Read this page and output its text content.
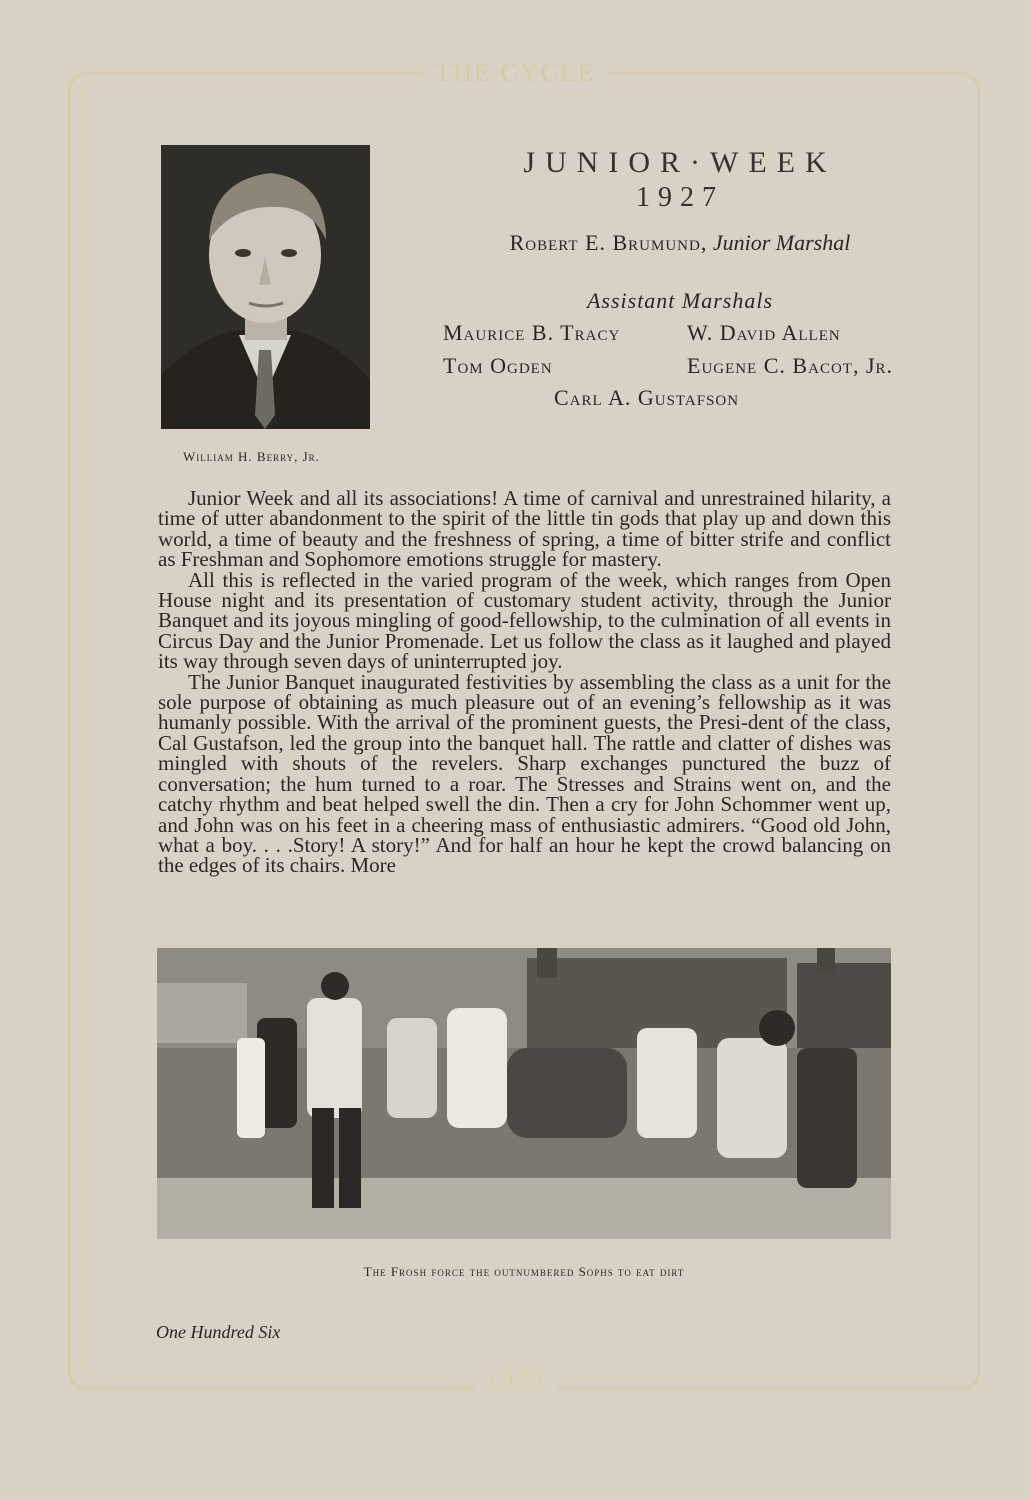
THE CYCLE
William H. Berry, Jr.
JUNIOR·WEEK
1927
Robert E. Brumund, Junior Marshal
Assistant Marshals
Maurice B. Tracy	W. David Allen
Tom Ogden	Eugene C. Bacot, Jr.
Carl A. Gustafson

Junior Week and all its associations! A time of carnival and unrestrained hilarity, a time of utter abandonment to the spirit of the little tin gods that play up and down this world, a time of beauty and the freshness of spring, a time of bitter strife and conflict as Freshman and Sophomore emotions struggle for mastery.

All this is reflected in the varied program of the week, which ranges from Open House night and its presentation of customary student activity, through the Junior Banquet and its joyous mingling of good-fellowship, to the culmination of all events in Circus Day and the Junior Promenade. Let us follow the class as it laughed and played its way through seven days of uninterrupted joy.

The Junior Banquet inaugurated festivities by assembling the class as a unit for the sole purpose of obtaining as much pleasure out of an evening’s fellowship as it was humanly possible. With the arrival of the prominent guests, the Presi-dent of the class, Cal Gustafson, led the group into the banquet hall. The rattle and clatter of dishes was mingled with shouts of the revelers. Sharp exchanges punctured the buzz of conversation; the hum turned to a roar. The Stresses and Strains went on, and the catchy rhythm and beat helped swell the din. Then a cry for John Schommer went up, and John was on his feet in a cheering mass of enthusiastic admirers. “Good old John, what a boy. . . .Story! A story!” And for half an hour he kept the crowd balancing on the edges of its chairs. More

The Frosh force the outnumbered Sophs to eat dirt
One Hundred Six
1928
